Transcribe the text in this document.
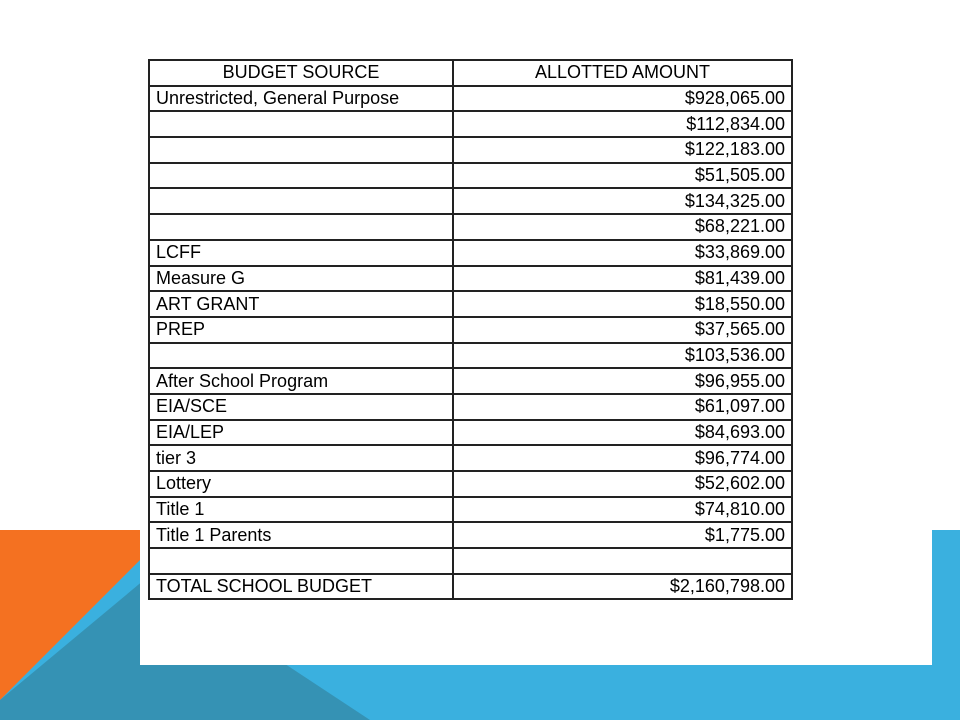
BUDGET SOURCE	ALLOTTED AMOUNT
Unrestricted, General Purpose	$928,065.00
	$112,834.00
	$122,183.00
	$51,505.00
	$134,325.00
	$68,221.00
LCFF	$33,869.00
Measure G	$81,439.00
ART GRANT	$18,550.00
PREP	$37,565.00
	$103,536.00
After School Program	$96,955.00
EIA/SCE	$61,097.00
EIA/LEP	$84,693.00
tier 3	$96,774.00
Lottery	$52,602.00
Title 1	$74,810.00
Title 1 Parents	$1,775.00

TOTAL SCHOOL BUDGET	$2,160,798.00
